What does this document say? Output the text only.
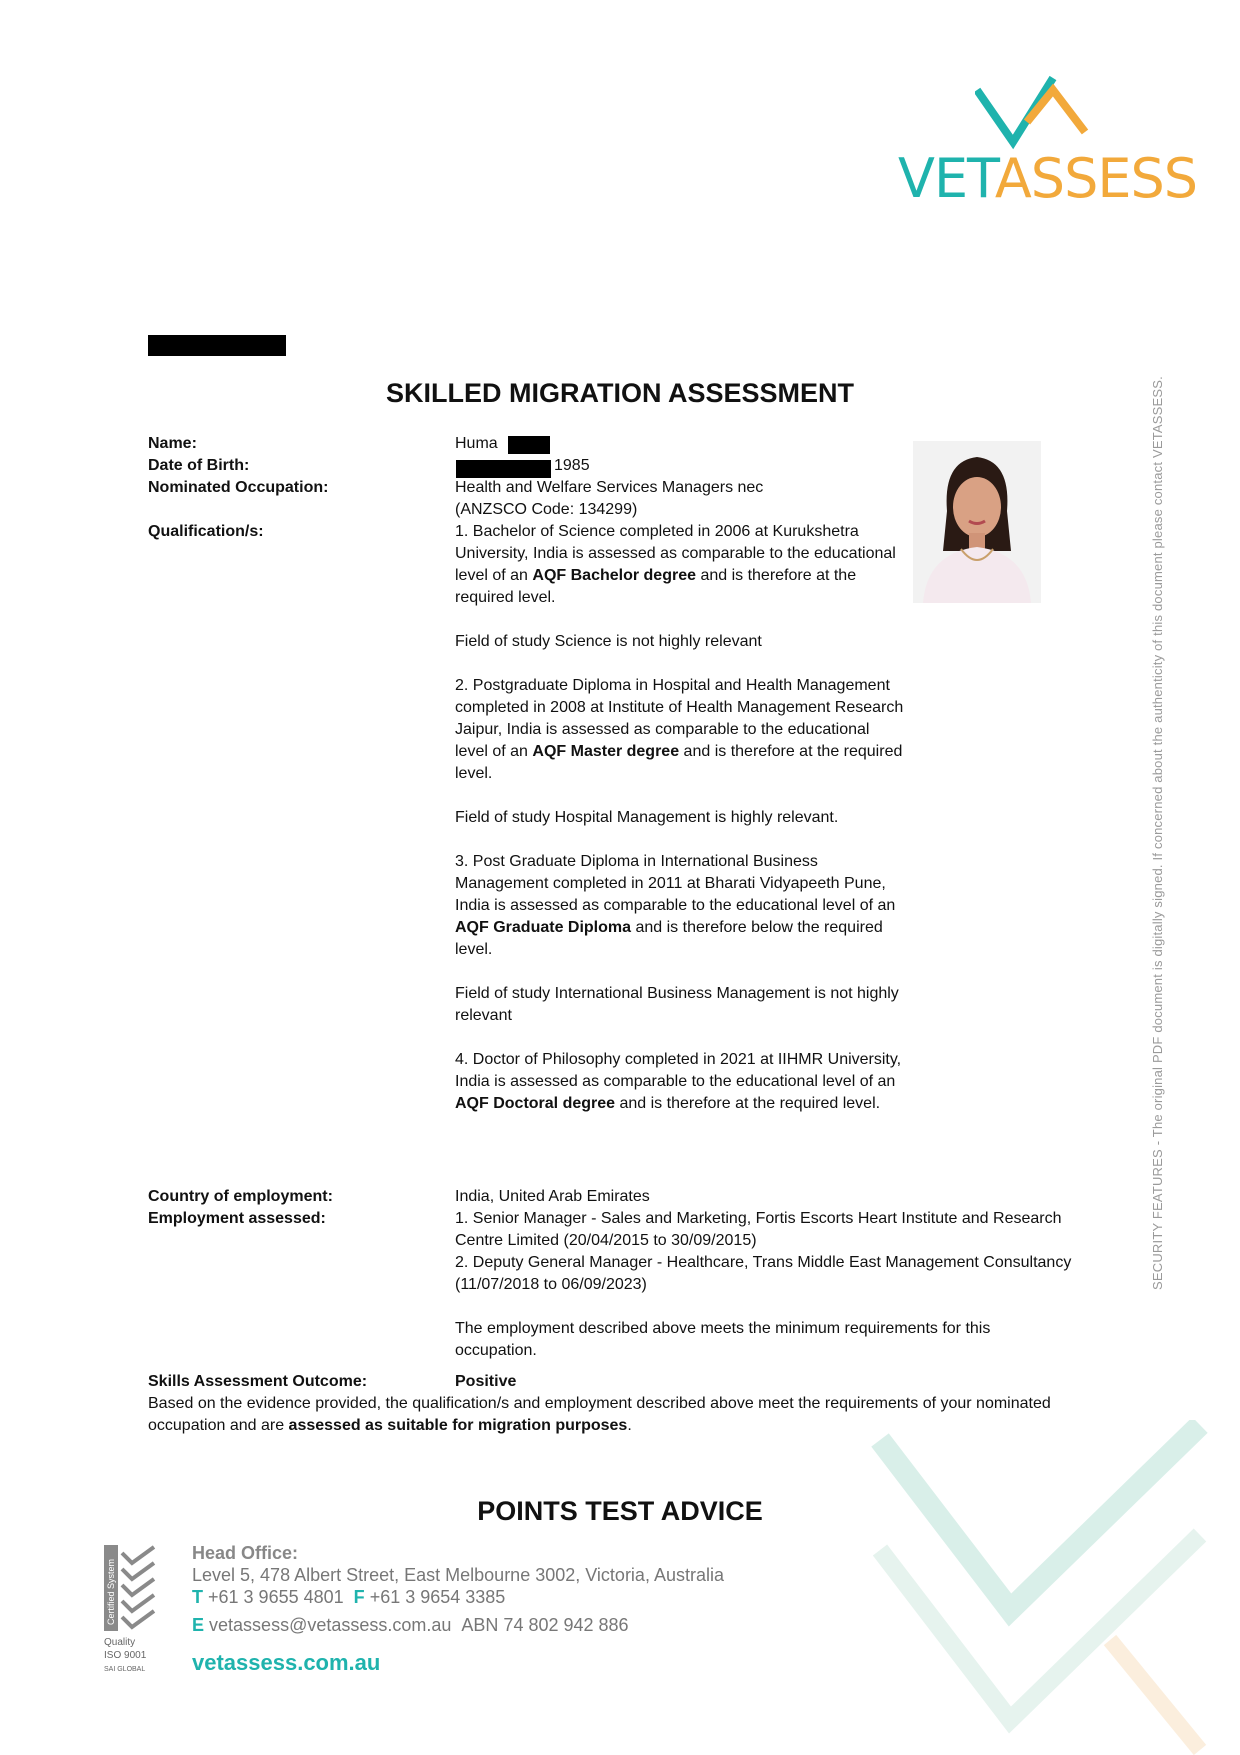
VETASSESS
SECURITY FEATURES - The original PDF document is digitally signed. If concerned about the authenticity of this document please contact VETASSESS.
SKILLED MIGRATION ASSESSMENT
Name:	Huma
Date of Birth:	1985
Nominated Occupation:	Health and Welfare Services Managers nec
(ANZSCO Code: 134299)
Qualification/s:	1. Bachelor of Science completed in 2006 at Kurukshetra University, India is assessed as comparable to the educational level of an AQF Bachelor degree and is therefore at the required level.
Field of study Science is not highly relevant
2. Postgraduate Diploma in Hospital and Health Management completed in 2008 at Institute of Health Management Research Jaipur, India is assessed as comparable to the educational level of an AQF Master degree and is therefore at the required level.
Field of study Hospital Management is highly relevant.
3. Post Graduate Diploma in International Business Management completed in 2011 at Bharati Vidyapeeth Pune, India is assessed as comparable to the educational level of an AQF Graduate Diploma and is therefore below the required level.
Field of study International Business Management is not highly relevant
4. Doctor of Philosophy completed in 2021 at IIHMR University, India is assessed as comparable to the educational level of an AQF Doctoral degree and is therefore at the required level.
Country of employment:	India, United Arab Emirates
Employment assessed:	1. Senior Manager - Sales and Marketing, Fortis Escorts Heart Institute and Research Centre Limited (20/04/2015 to 30/09/2015)
2. Deputy General Manager - Healthcare, Trans Middle East Management Consultancy (11/07/2018 to 06/09/2023)
The employment described above meets the minimum requirements for this occupation.
Skills Assessment Outcome:	Positive
Based on the evidence provided, the qualification/s and employment described above meet the requirements of your nominated occupation and are assessed as suitable for migration purposes.
POINTS TEST ADVICE
Certified System
Quality
ISO 9001
SAI GLOBAL
Head Office:
Level 5, 478 Albert Street, East Melbourne 3002, Victoria, Australia
T +61 3 9655 4801 F +61 3 9654 3385
E vetassess@vetassess.com.au ABN 74 802 942 886
vetassess.com.au
